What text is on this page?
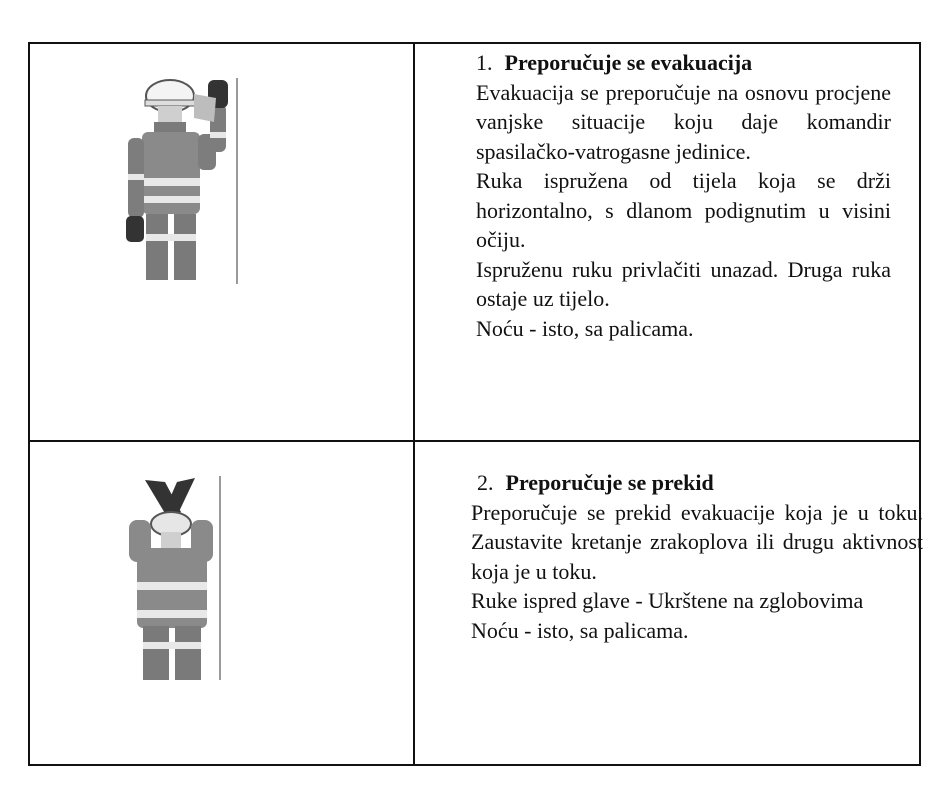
1. Preporučuje se evakuacija
Evakuacija se preporučuje na osnovu procjene vanjske situacije koju daje komandir spasilačko-vatrogasne jedinice.
Ruka ispružena od tijela koja se drži horizontalno, s dlanom podignutim u visini očiju.
Ispruženu ruku privlačiti unazad. Druga ruka ostaje uz tijelo.
Noću - isto, sa palicama.
2. Preporučuje se prekid
Preporučuje se prekid evakuacije koja je u toku. Zaustavite kretanje zrakoplova ili drugu aktivnost koja je u toku.
Ruke ispred glave - Ukrštene na zglobovima
Noću - isto, sa palicama.
